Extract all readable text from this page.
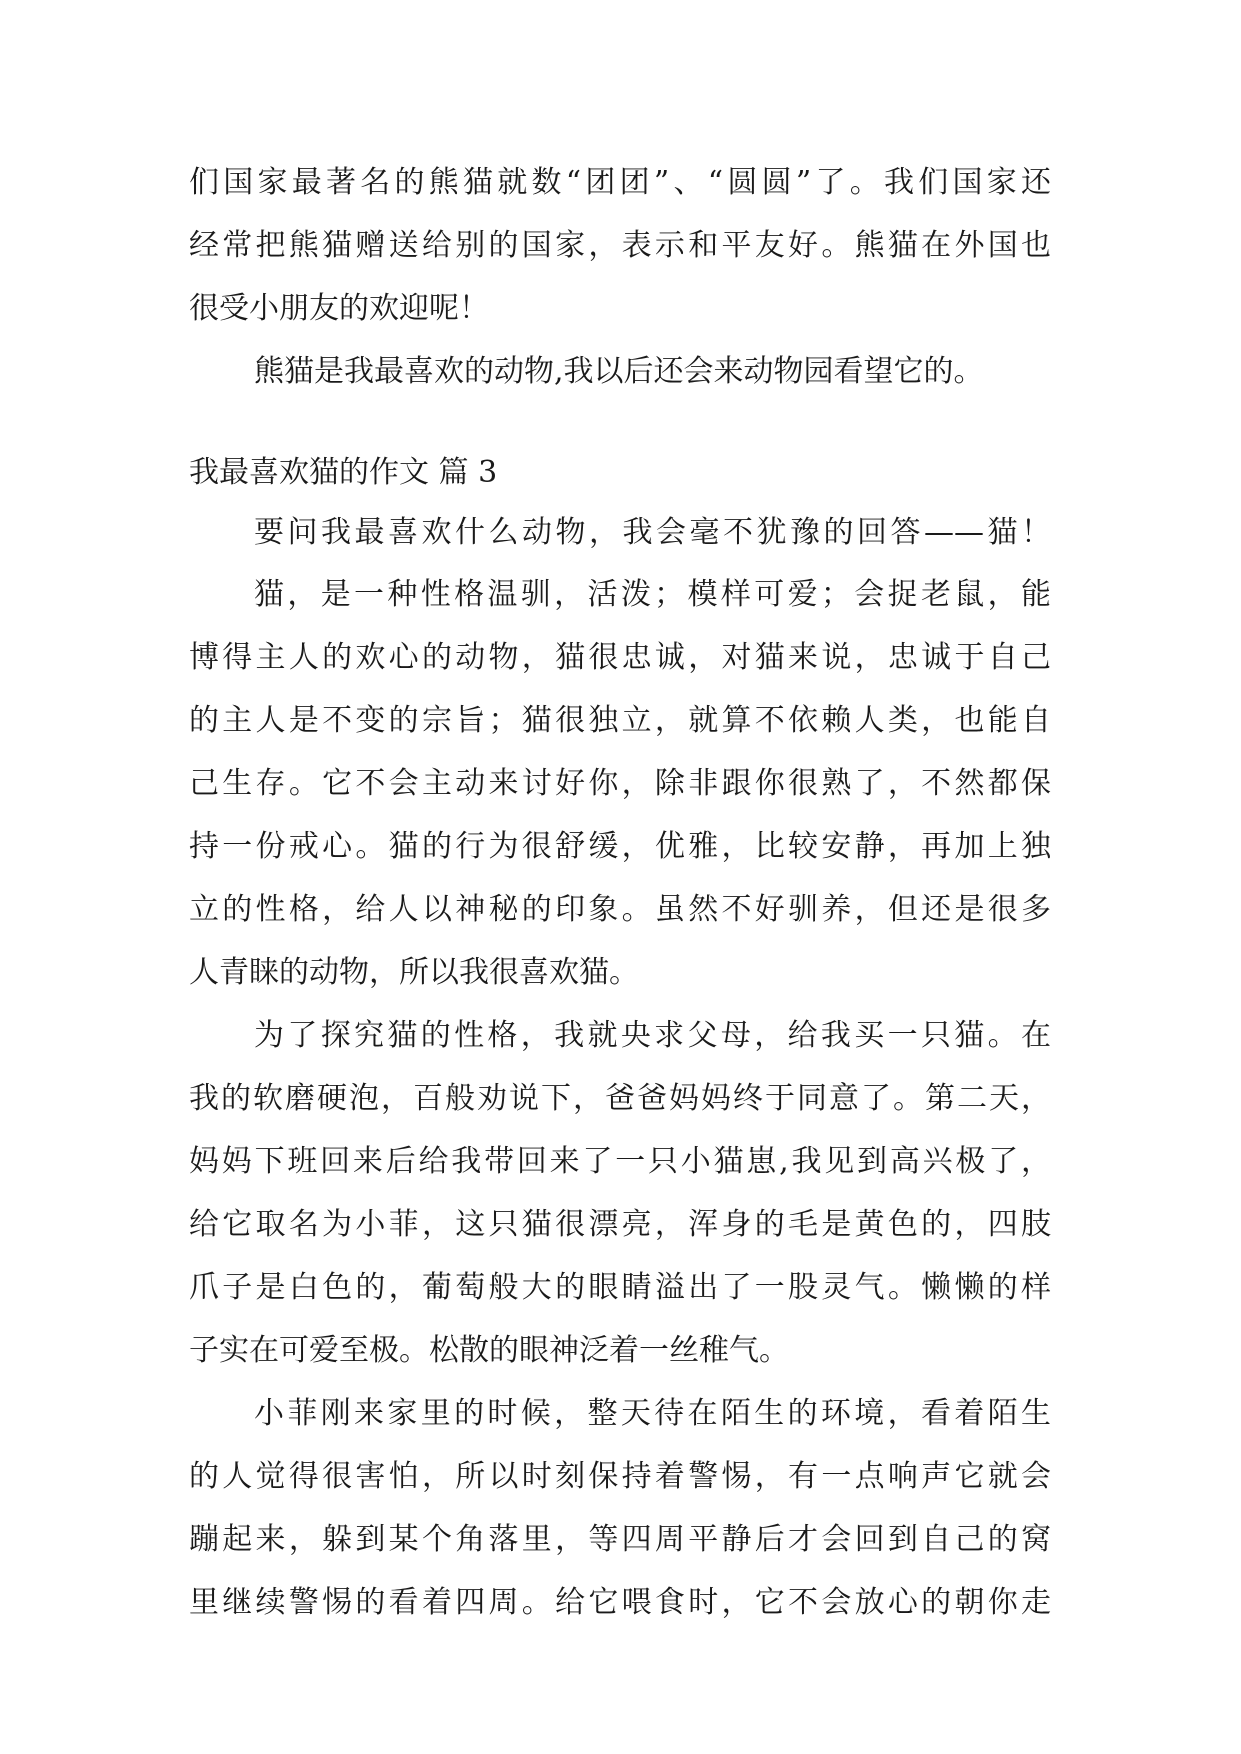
们国家最著名的熊猫就数“团团”、“圆圆”了。我们国家还
经常把熊猫赠送给别的国家，表示和平友好。熊猫在外国也
很受小朋友的欢迎呢！
熊猫是我最喜欢的动物,我以后还会来动物园看望它的。
我最喜欢猫的作文 篇 3
要问我最喜欢什么动物，我会毫不犹豫的回答——猫！
猫，是一种性格温驯，活泼；模样可爱；会捉老鼠，能
博得主人的欢心的动物，猫很忠诚，对猫来说，忠诚于自己
的主人是不变的宗旨；猫很独立，就算不依赖人类，也能自
己生存。它不会主动来讨好你，除非跟你很熟了，不然都保
持一份戒心。猫的行为很舒缓，优雅，比较安静，再加上独
立的性格，给人以神秘的印象。虽然不好驯养，但还是很多
人青睐的动物，所以我很喜欢猫。
为了探究猫的性格，我就央求父母，给我买一只猫。在
我的软磨硬泡，百般劝说下，爸爸妈妈终于同意了。第二天，
妈妈下班回来后给我带回来了一只小猫崽,我见到高兴极了，
给它取名为小菲，这只猫很漂亮，浑身的毛是黄色的，四肢
爪子是白色的，葡萄般大的眼睛溢出了一股灵气。懒懒的样
子实在可爱至极。松散的眼神泛着一丝稚气。
小菲刚来家里的时候，整天待在陌生的环境，看着陌生
的人觉得很害怕，所以时刻保持着警惕，有一点响声它就会
蹦起来，躲到某个角落里，等四周平静后才会回到自己的窝
里继续警惕的看着四周。给它喂食时，它不会放心的朝你走
